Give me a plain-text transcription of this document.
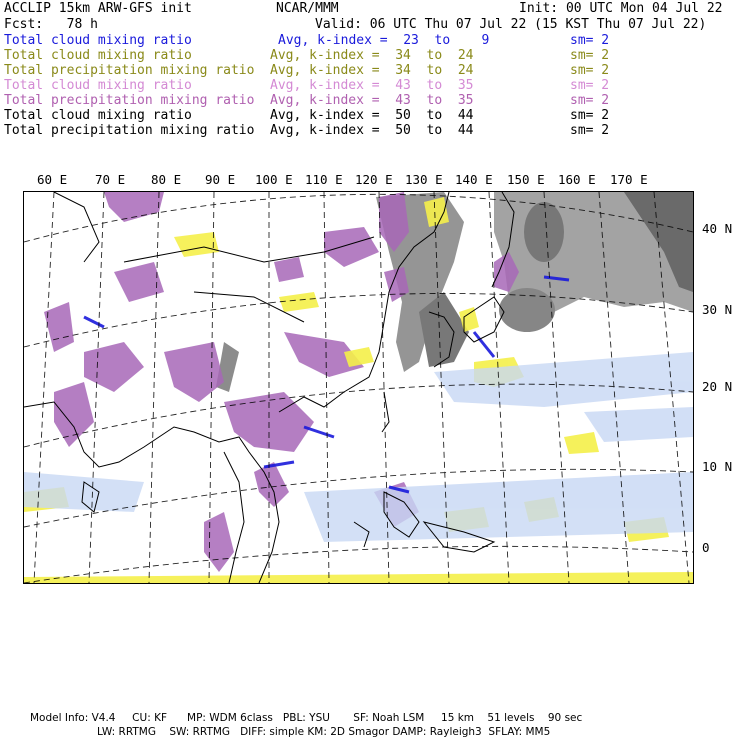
ACCLIP 15km ARW-GFS init	NCAR/MMM	Init: 00 UTC Mon 04 Jul 22
Fcst:   78 h	Valid: 06 UTC Thu 07 Jul 22 (15 KST Thu 07 Jul 22)
Total cloud mixing ratio	Avg, k-index =  23  to    9	sm= 2
Total cloud mixing ratio	Avg, k-index =  34  to  24	sm= 2
Total precipitation mixing ratio Avg, k-index =  34  to  24	sm= 2
Total cloud mixing ratio	Avg, k-index =  43  to  35	sm= 2
Total precipitation mixing ratio Avg, k-index =  43  to  35	sm= 2
Total cloud mixing ratio	Avg, k-index =  50  to  44	sm= 2
Total precipitation mixing ratio Avg, k-index =  50  to  44	sm= 2
60 E 70 E 80 E 90 E 100 E 110 E 120 E 130 E 140 E 150 E 160 E 170 E
40 N
30 N
20 N
10 N
0
Model Info: V4.4     CU: KF      MP: WDM 6class   PBL: YSU       SF: Noah LSM     15 km    51 levels    90 sec
LW: RRTMG    SW: RRTMG   DIFF: simple KM: 2D Smagor DAMP: Rayleigh3  SFLAY: MM5
